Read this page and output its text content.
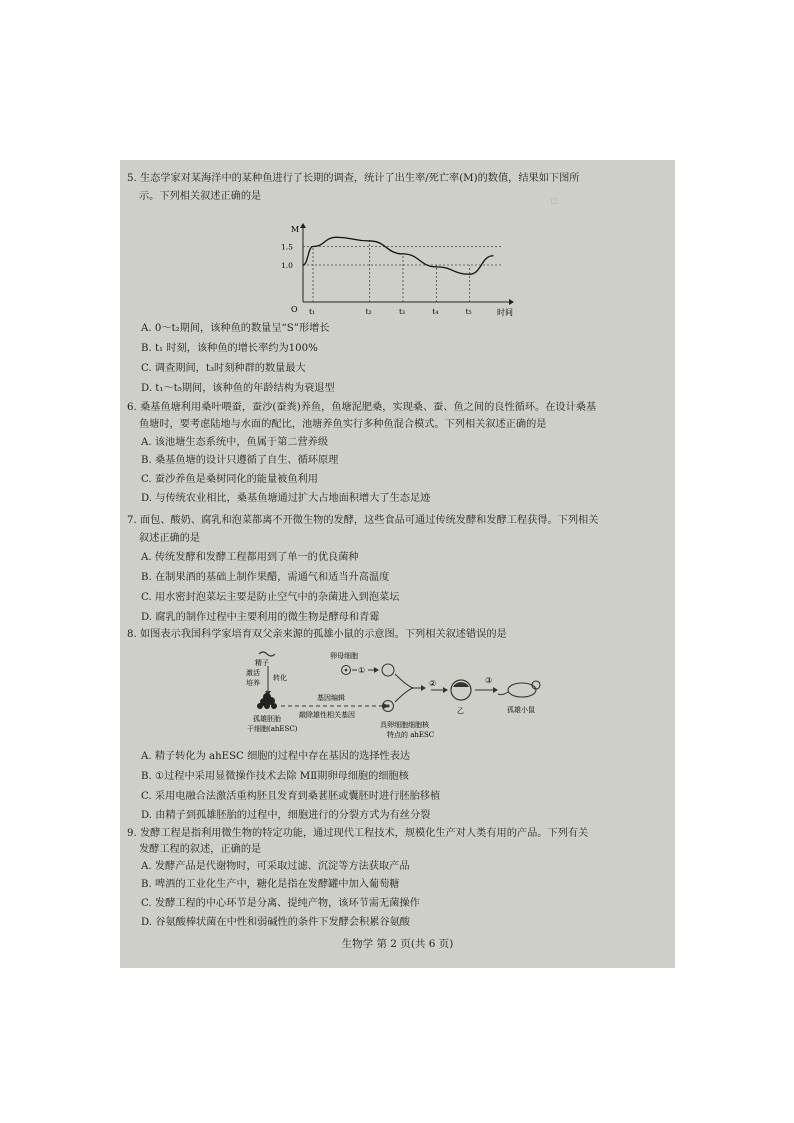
▫
5. 生态学家对某海洋中的某种鱼进行了长期的调查，统计了出生率/死亡率(M)的数值，结果如下图所
示。下列相关叙述正确的是
M
时间
O
1.5
1.0
t₁	t₂	t₃	t₄	t₅
A. 0～t₂期间，该种鱼的数量呈“S”形增长
B. t₁ 时刻，该种鱼的增长率约为100%
C. 调查期间，t₃时刻种群的数量最大
D. t₁～t₅期间，该种鱼的年龄结构为衰退型
6. 桑基鱼塘利用桑叶喂蚕，蚕沙(蚕粪)养鱼，鱼塘泥肥桑，实现桑、蚕、鱼之间的良性循环。在设计桑基
鱼塘时，要考虑陆地与水面的配比，池塘养鱼实行多种鱼混合模式。下列相关叙述正确的是
A. 该池塘生态系统中，鱼属于第二营养级
B. 桑基鱼塘的设计只遵循了自生、循环原理
C. 蚕沙养鱼是桑树同化的能量被鱼利用
D. 与传统农业相比，桑基鱼塘通过扩大占地面积增大了生态足迹
7. 面包、酸奶、腐乳和泡菜都离不开微生物的发酵，这些食品可通过传统发酵和发酵工程获得。下列相关
叙述正确的是
A. 传统发酵和发酵工程都用到了单一的优良菌种
B. 在制果酒的基础上制作果醋，需通气和适当升高温度
C. 用水密封泡菜坛主要是防止空气中的杂菌进入到泡菜坛
D. 腐乳的制作过程中主要利用的微生物是酵母和青霉
8. 如图表示我国科学家培育双父亲来源的孤雄小鼠的示意图。下列相关叙述错误的是
精子
激活
培养
转化
孤雄胚胎
干细胞(ahESC)
基因编辑
敲除雄性相关基因
卵母细胞
①
②
乙
③
孤雄小鼠
具卵细胞细胞核
特点的 ahESC
A. 精子转化为 ahESC 细胞的过程中存在基因的选择性表达
B. ①过程中采用显微操作技术去除 MⅡ期卵母细胞的细胞核
C. 采用电融合法激活重构胚且发育到桑葚胚或囊胚时进行胚胎移植
D. 由精子到孤雄胚胎的过程中，细胞进行的分裂方式为有丝分裂
9. 发酵工程是指利用微生物的特定功能，通过现代工程技术，规模化生产对人类有用的产品。下列有关
发酵工程的叙述，正确的是
A. 发酵产品是代谢物时，可采取过滤、沉淀等方法获取产品
B. 啤酒的工业化生产中，糖化是指在发酵罐中加入葡萄糖
C. 发酵工程的中心环节是分离、提纯产物，该环节需无菌操作
D. 谷氨酸棒状菌在中性和弱碱性的条件下发酵会积累谷氨酸
生物学 第 2 页(共 6 页)
